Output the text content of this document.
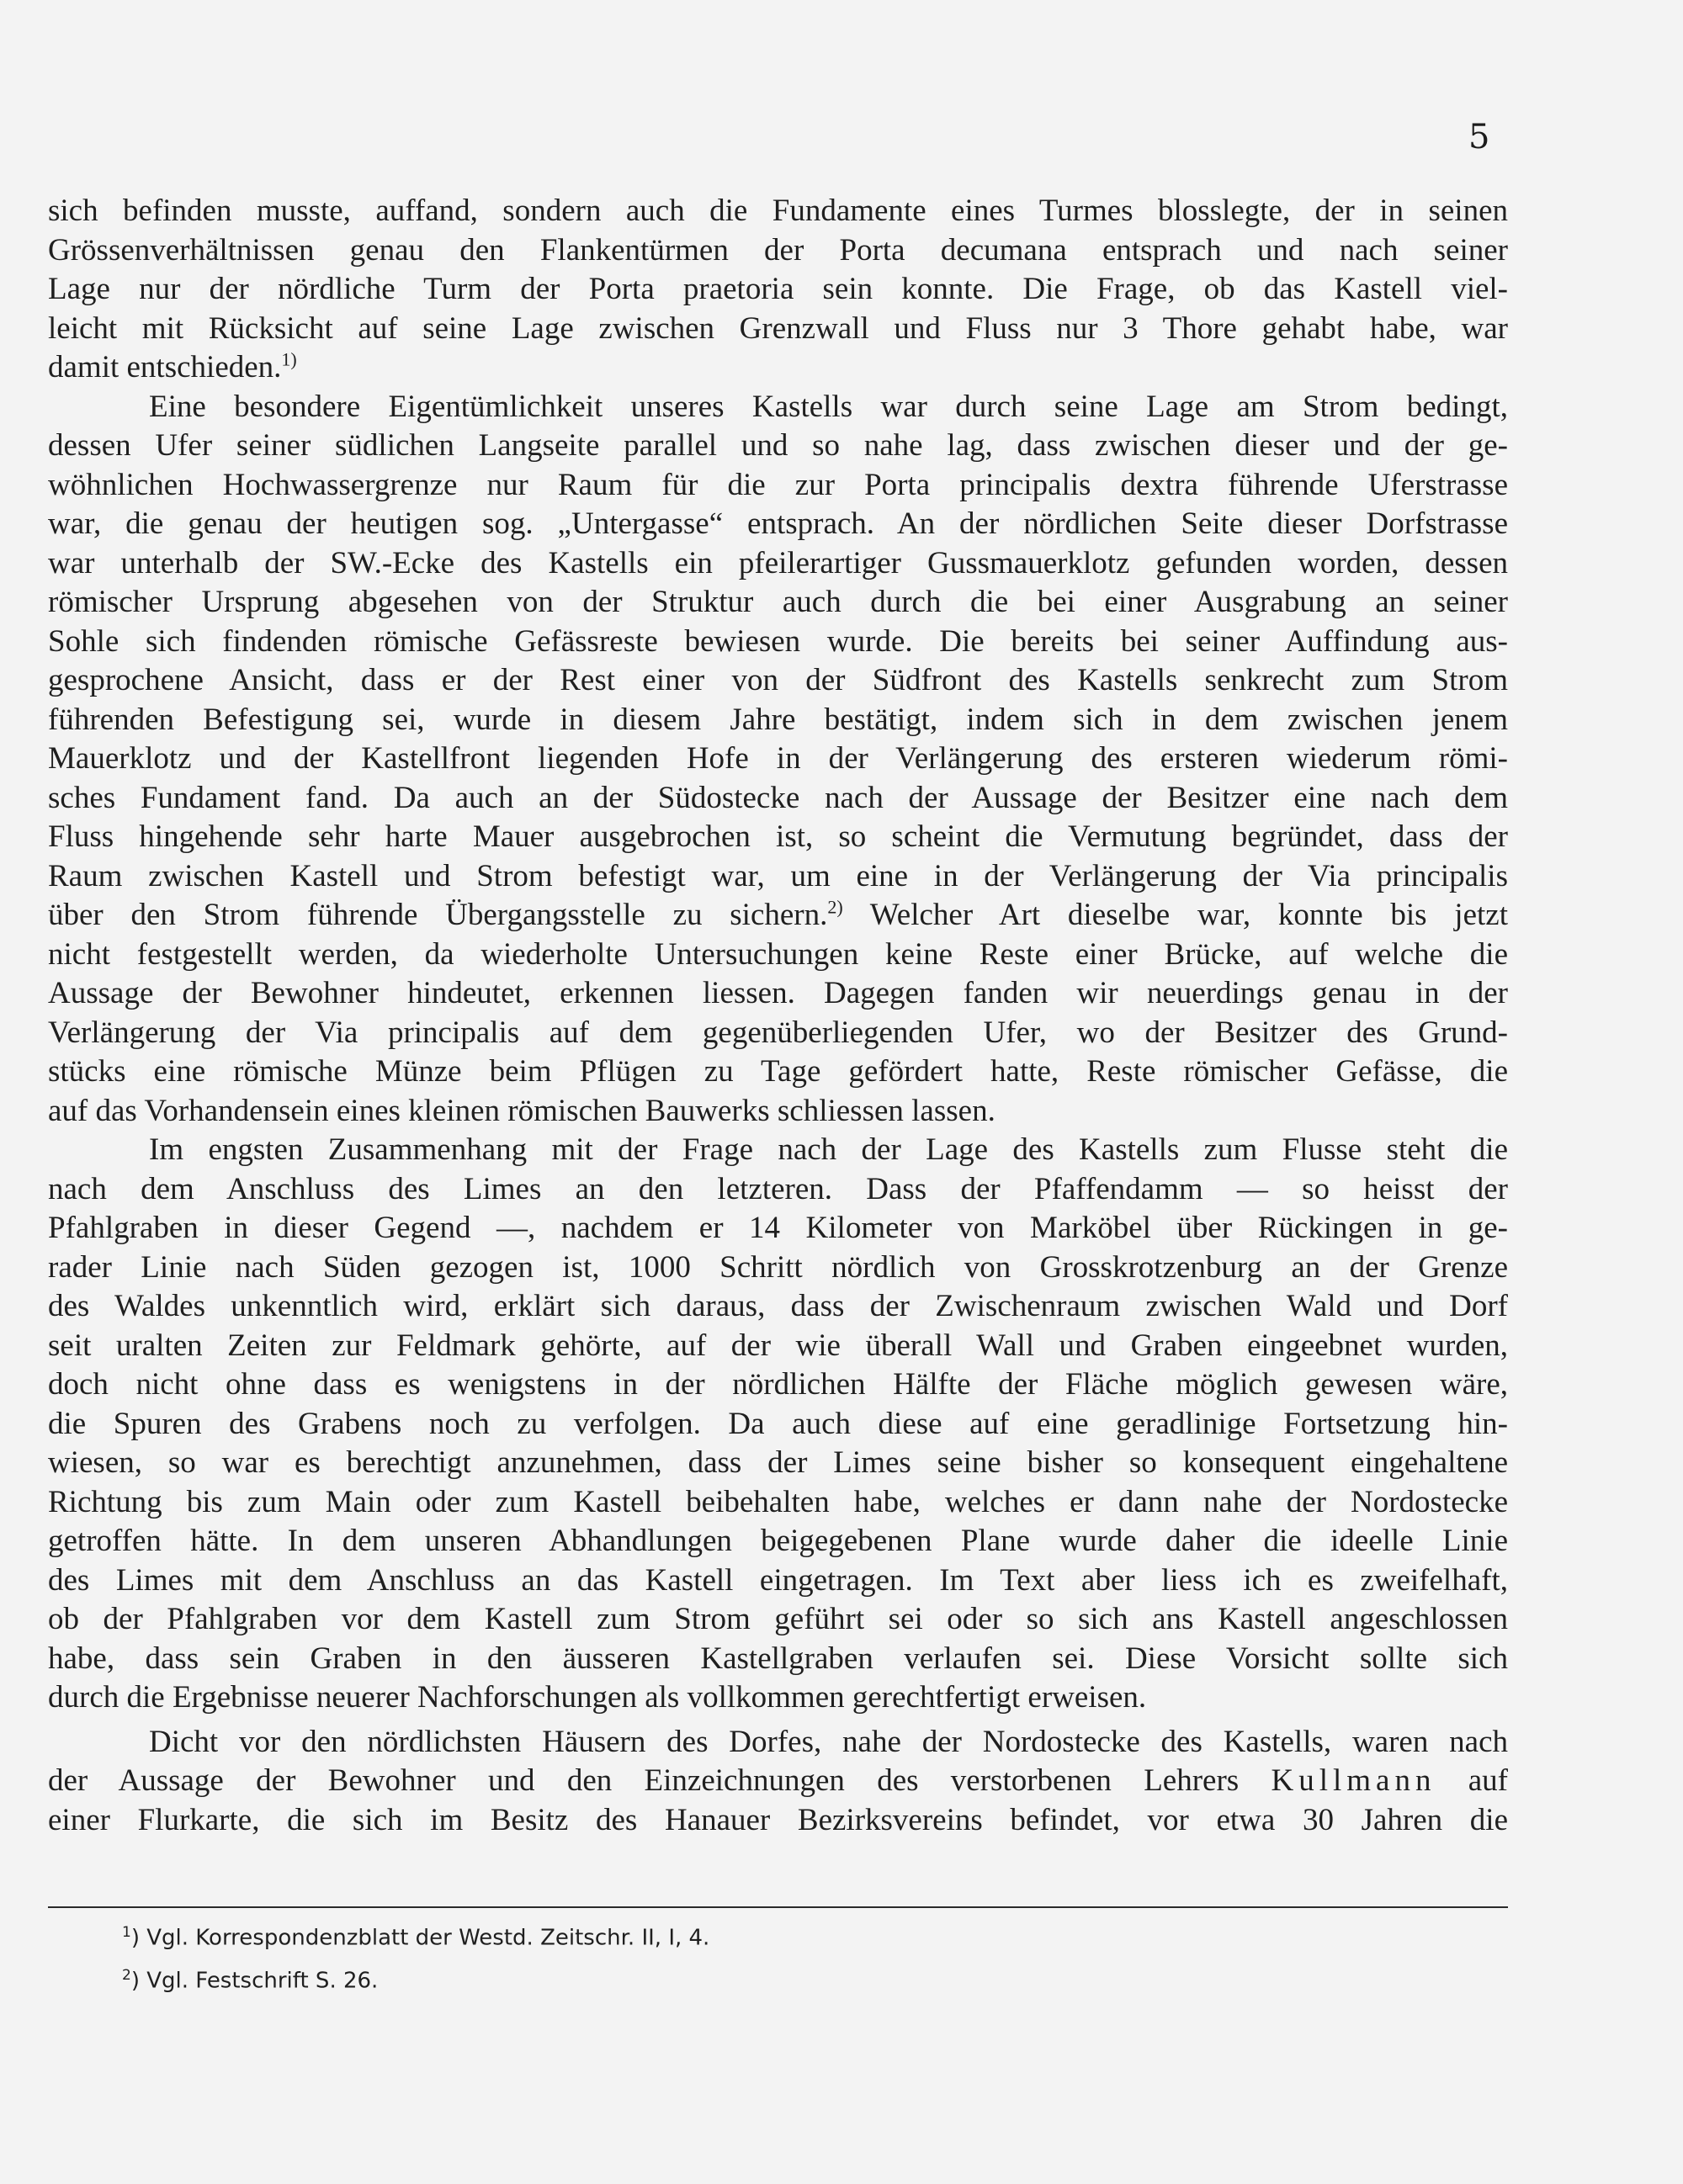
5

sich befinden musste, auffand, sondern auch die Fundamente eines Turmes blosslegte, der in seinen
Grössenverhältnissen genau den Flankentürmen der Porta decumana entsprach und nach seiner
Lage nur der nördliche Turm der Porta praetoria sein konnte. Die Frage, ob das Kastell viel-
leicht mit Rücksicht auf seine Lage zwischen Grenzwall und Fluss nur 3 Thore gehabt habe, war
damit entschieden.$^{1)}$

Eine besondere Eigentümlichkeit unseres Kastells war durch seine Lage am Strom bedingt,
dessen Ufer seiner südlichen Langseite parallel und so nahe lag, dass zwischen dieser und der ge-
wöhnlichen Hochwassergrenze nur Raum für die zur Porta principalis dextra führende Uferstrasse
war, die genau der heutigen sog. „Untergasse“ entsprach. An der nördlichen Seite dieser Dorfstrasse
war unterhalb der SW.-Ecke des Kastells ein pfeilerartiger Gussmauerklotz gefunden worden, dessen
römischer Ursprung abgesehen von der Struktur auch durch die bei einer Ausgrabung an seiner
Sohle sich findenden römische Gefässreste bewiesen wurde. Die bereits bei seiner Auffindung aus-
gesprochene Ansicht, dass er der Rest einer von der Südfront des Kastells senkrecht zum Strom
führenden Befestigung sei, wurde in diesem Jahre bestätigt, indem sich in dem zwischen jenem
Mauerklotz und der Kastellfront liegenden Hofe in der Verlängerung des ersteren wiederum römi-
sches Fundament fand. Da auch an der Südostecke nach der Aussage der Besitzer eine nach dem
Fluss hingehende sehr harte Mauer ausgebrochen ist, so scheint die Vermutung begründet, dass der
Raum zwischen Kastell und Strom befestigt war, um eine in der Verlängerung der Via principalis
über den Strom führende Übergangsstelle zu sichern.$^{2)}$ Welcher Art dieselbe war, konnte bis jetzt
nicht festgestellt werden, da wiederholte Untersuchungen keine Reste einer Brücke, auf welche die
Aussage der Bewohner hindeutet, erkennen liessen. Dagegen fanden wir neuerdings genau in der
Verlängerung der Via principalis auf dem gegenüberliegenden Ufer, wo der Besitzer des Grund-
stücks eine römische Münze beim Pflügen zu Tage gefördert hatte, Reste römischer Gefässe, die
auf das Vorhandensein eines kleinen römischen Bauwerks schliessen lassen.

Im engsten Zusammenhang mit der Frage nach der Lage des Kastells zum Flusse steht die
nach dem Anschluss des Limes an den letzteren. Dass der Pfaffendamm — so heisst der
Pfahlgraben in dieser Gegend —, nachdem er 14 Kilometer von Marköbel über Rückingen in ge-
rader Linie nach Süden gezogen ist, 1000 Schritt nördlich von Grosskrotzenburg an der Grenze
des Waldes unkenntlich wird, erklärt sich daraus, dass der Zwischenraum zwischen Wald und Dorf
seit uralten Zeiten zur Feldmark gehörte, auf der wie überall Wall und Graben eingeebnet wurden,
doch nicht ohne dass es wenigstens in der nördlichen Hälfte der Fläche möglich gewesen wäre,
die Spuren des Grabens noch zu verfolgen. Da auch diese auf eine geradlinige Fortsetzung hin-
wiesen, so war es berechtigt anzunehmen, dass der Limes seine bisher so konsequent eingehaltene
Richtung bis zum Main oder zum Kastell beibehalten habe, welches er dann nahe der Nordostecke
getroffen hätte. In dem unseren Abhandlungen beigegebenen Plane wurde daher die ideelle Linie
des Limes mit dem Anschluss an das Kastell eingetragen. Im Text aber liess ich es zweifelhaft,
ob der Pfahlgraben vor dem Kastell zum Strom geführt sei oder so sich ans Kastell angeschlossen
habe, dass sein Graben in den äusseren Kastellgraben verlaufen sei. Diese Vorsicht sollte sich
durch die Ergebnisse neuerer Nachforschungen als vollkommen gerechtfertigt erweisen.

Dicht vor den nördlichsten Häusern des Dorfes, nahe der Nordostecke des Kastells, waren nach
der Aussage der Bewohner und den Einzeichnungen des verstorbenen Lehrers Kullmann auf
einer Flurkarte, die sich im Besitz des Hanauer Bezirksvereins befindet, vor etwa 30 Jahren die

$^1$) Vgl. Korrespondenzblatt der Westd. Zeitschr. II, I, 4.
$^2$) Vgl. Festschrift S. 26.
